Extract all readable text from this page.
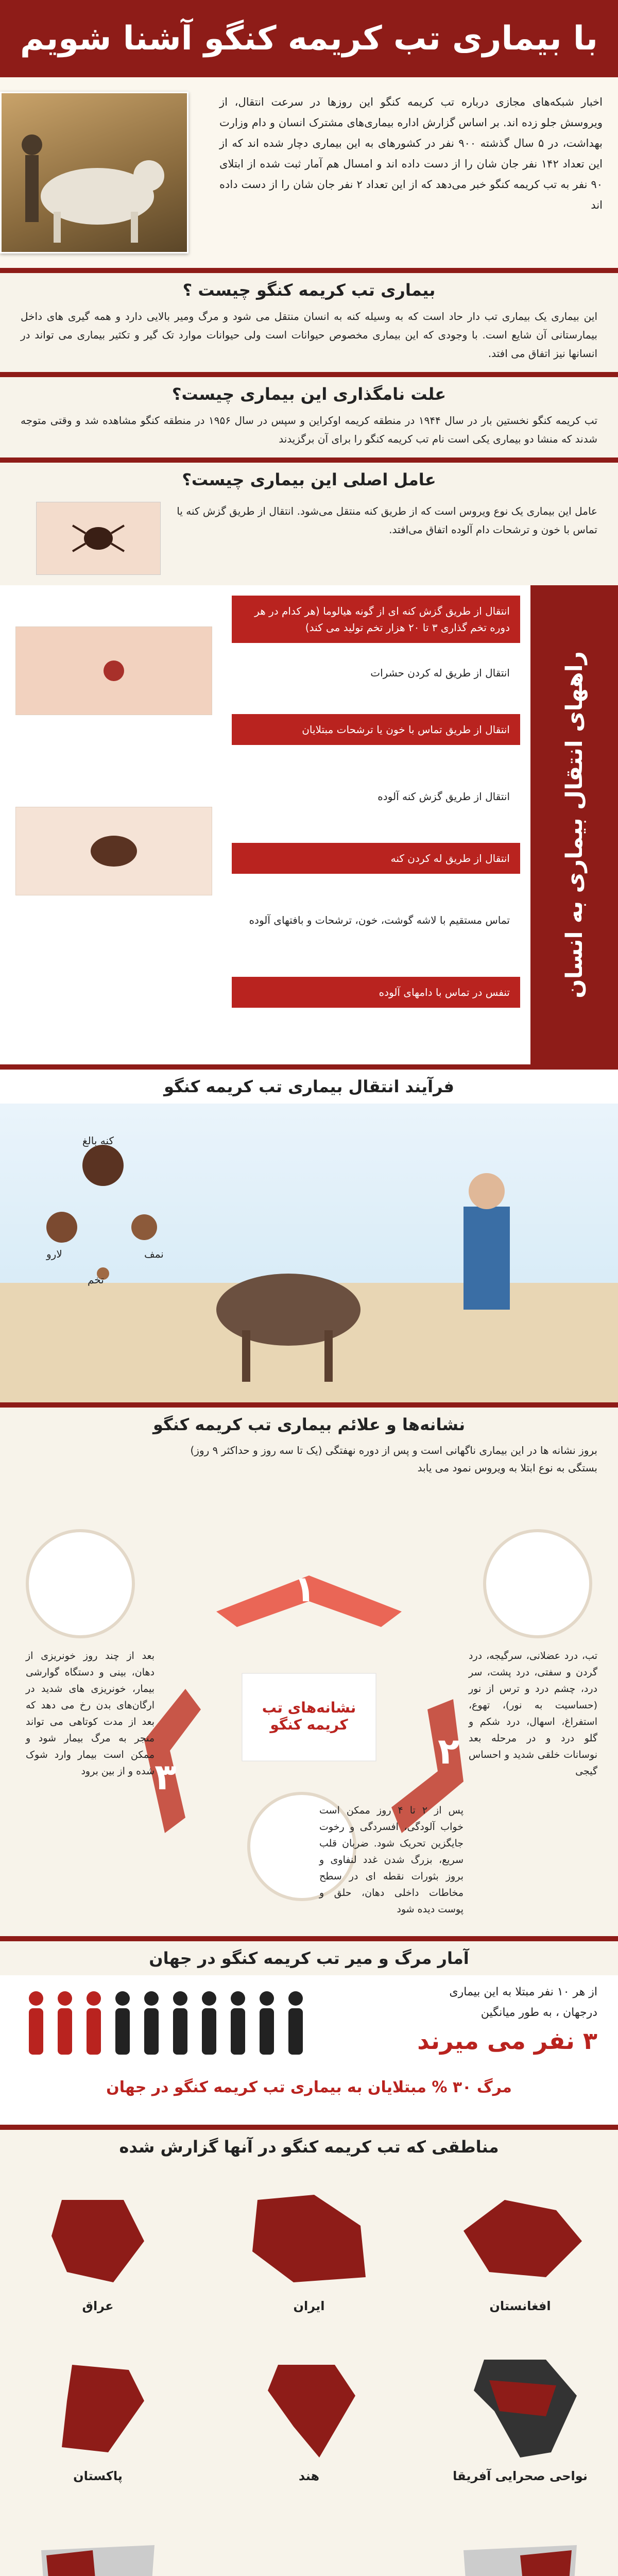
با بیماری تب کریمه کنگو آشنا شویم
اخبار شبکه‌های مجازی درباره تب کریمه کنگو این روزها در سرعت انتقال، از ویروسش جلو زده اند. بر اساس گزارش اداره بیماری‌های مشترک انسان و دام وزارت بهداشت، در ۵ سال گذشته ۹۰۰ نفر در کشورهای به این بیماری دچار شده اند که از این تعداد ۱۴۲ نفر جان شان را از دست داده اند و امسال هم آمار ثبت شده از ابتلای ۹۰ نفر به تب کریمه کنگو خبر می‌دهد که از این تعداد ۲ نفر جان شان را از دست داده اند
بیماری تب کریمه کنگو چیست ؟
این بیماری یک بیماری تب دار حاد است که به وسیله کنه به انسان منتقل می شود و مرگ ومیر بالایی دارد و همه گیری های داخل بیمارستانی آن شایع است. با وجودی که این بیماری مخصوص حیوانات است ولی حیوانات موارد تک گیر و تکثیر بیماری می تواند در انسانها نیز اتفاق می افتد.
علت نامگذاری این بیماری چیست؟
تب کریمه کنگو نخستین بار در سال ۱۹۴۴ در منطقه کریمه اوکراین و سپس در سال ۱۹۵۶ در منطقه کنگو مشاهده شد و وقتی متوجه شدند که منشا دو بیماری یکی است نام تب کریمه کنگو را برای آن برگزیدند
عامل اصلی این بیماری چیست؟
عامل این بیماری یک نوع ویروس است که از طریق کنه منتقل می‌شود. انتقال از طریق گزش کنه یا تماس با خون و ترشحات دام آلوده اتفاق می‌افتد.
راههای انتقال بیماری به انسان
انتقال از طریق گزش کنه ای از گونه هیالوما (هر کدام در هر دوره تخم گذاری ۳ تا ۲۰ هزار تخم تولید می کند)
انتقال از طریق له کردن حشرات
انتقال از طریق تماس با خون یا ترشحات مبتلایان
انتقال از طریق گزش کنه آلوده
انتقال از طریق له کردن کنه
تماس مستقیم با لاشه گوشت، خون، ترشحات و بافتهای آلوده
تنفس در تماس با دامهای آلوده
فرآیند انتقال بیماری تب کریمه کنگو
تخم
لارو	نمف
کنه بالغ
نشانه‌ها و علائم بیماری تب کریمه کنگو
بروز نشانه ها در این بیماری ناگهانی است و پس از دوره نهفتگی (یک تا سه روز و حداکثر ۹ روز) بستگی به نوع ابتلا به ویروس نمود می یابد
۱
۲
۳
نشانه‌های تب کریمه کنگو
تب، درد عضلانی، سرگیجه، درد گردن و سفتی، درد پشت، سر درد، چشم درد و ترس از نور (حساسیت به نور)، تهوع، استفراغ، اسهال، درد شکم و گلو درد و در مرحله بعد نوسانات خلقی شدید و احساس گیجی
پس از ۲ تا ۴ روز ممکن است خواب آلودگی، افسردگی و رخوت جایگزین تحریک شود. ضربان قلب سریع، بزرگ شدن غدد لنفاوی و بروز بثورات نقطه ای در سطح مخاطات داخلی دهان، حلق و پوست دیده شود
بعد از چند روز خونریزی از دهان، بینی و دستگاه گوارشی بیمار، خونریزی های شدید در ارگان‌های بدن رخ می دهد که بعد از مدت کوتاهی می تواند منجر به مرگ بیمار شود و ممکن است بیمار وارد شوک شده و از بین برود
آمار مرگ و میر تب کریمه کنگو در جهان
از هر ۱۰ نفر مبتلا به این بیماری
درجهان ، به طور میانگین
۳ نفر می میرند
مرگ ۳۰ % مبتلایان به بیماری تب کریمه کنگو در جهان
مناطقی که تب کریمه کنگو در آنها گزارش شده
افغانستان
ایران
عراق
نواحی صحرایی آفریقا
هند
پاکستان
